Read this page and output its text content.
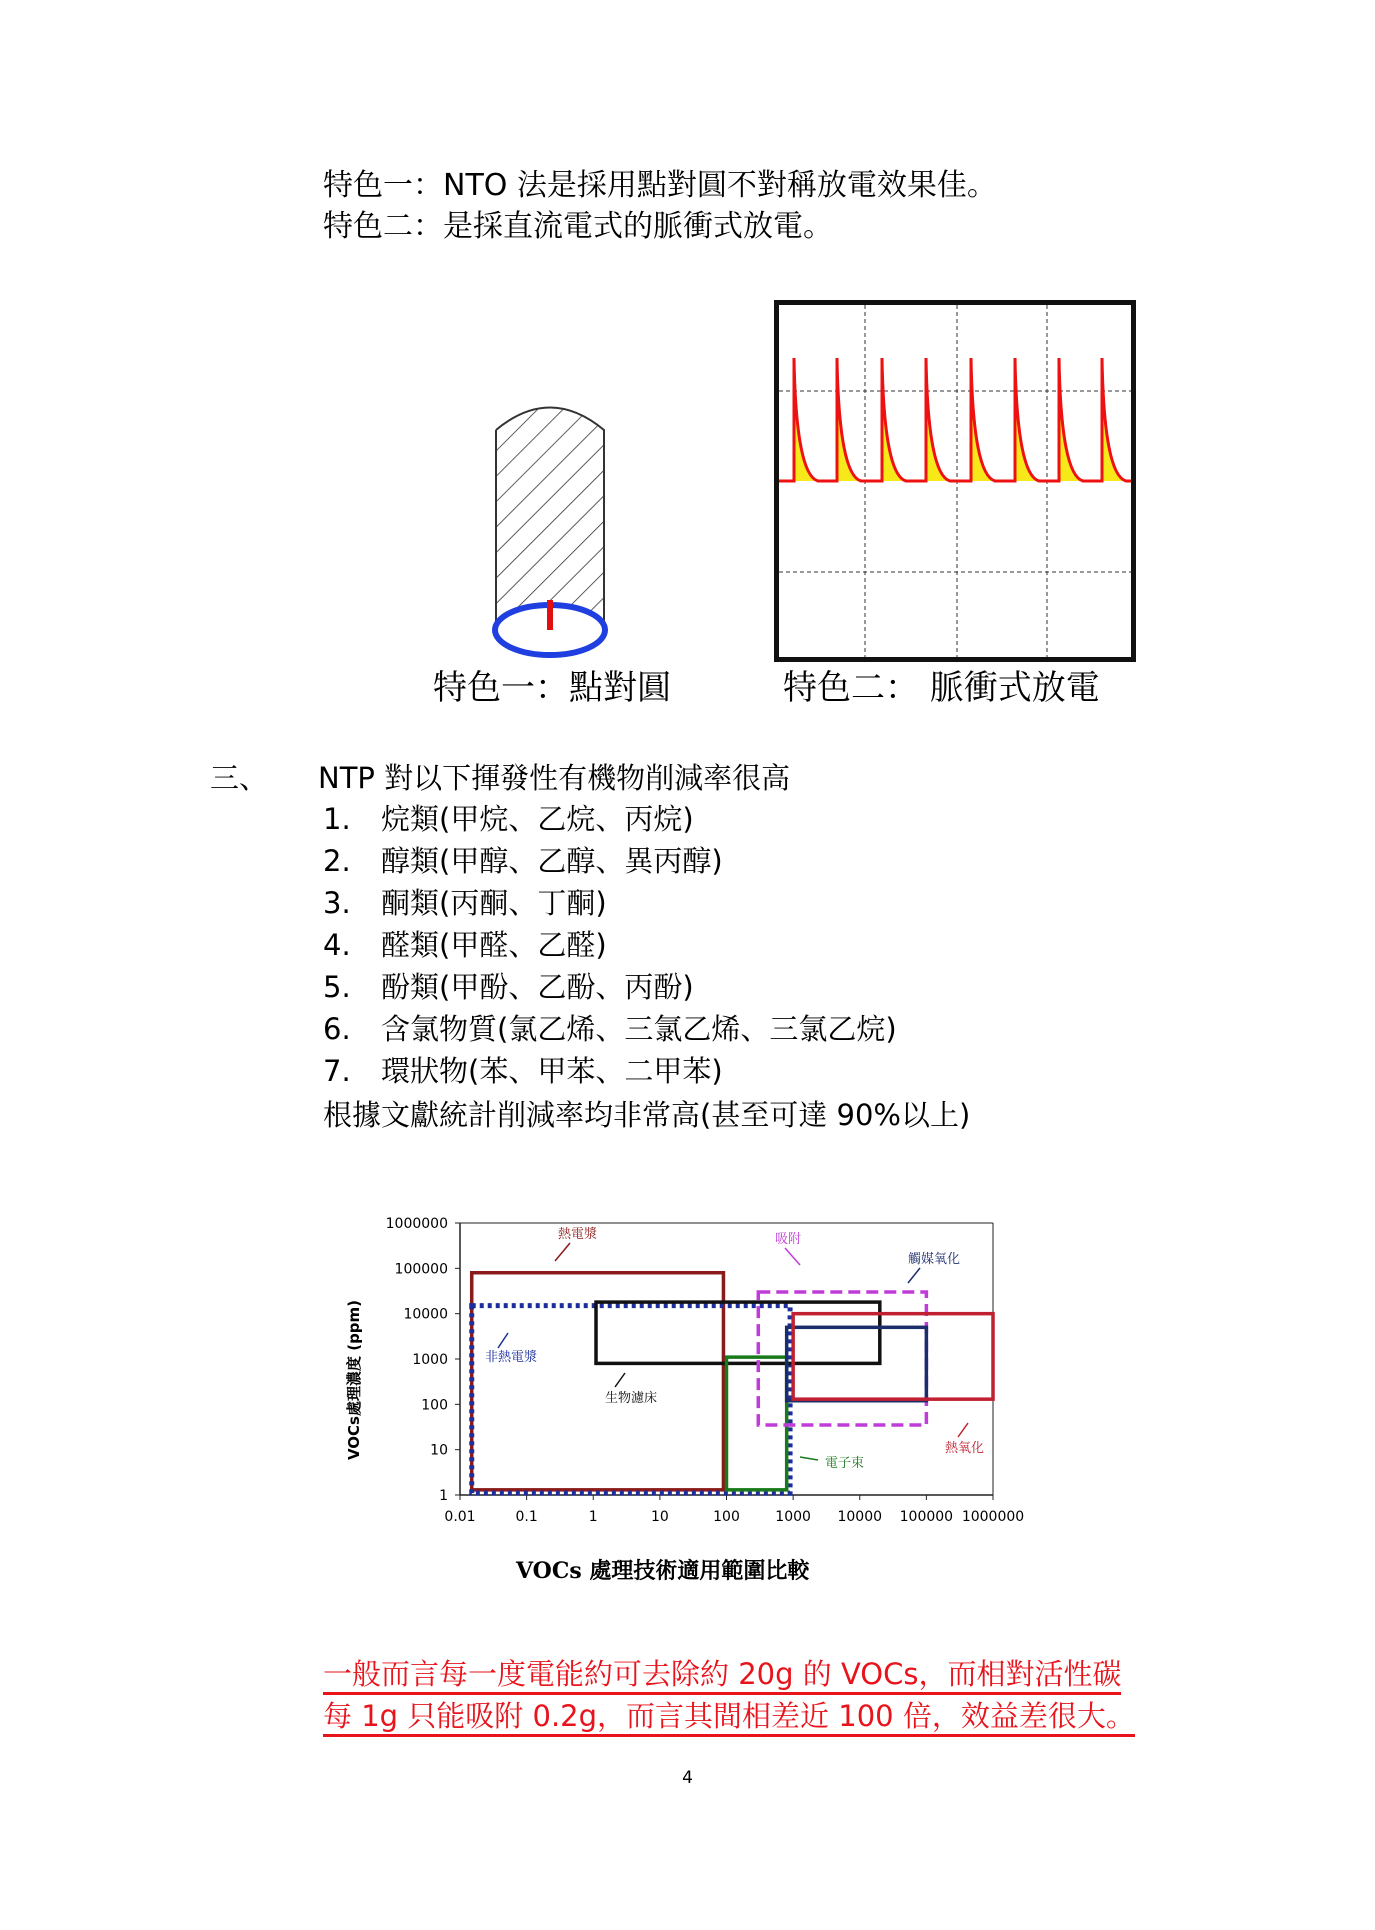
特色一：NTO 法是採用點對圓不對稱放電效果佳。
特色二：是採直流電式的脈衝式放電。
特色一：點對圓	特色二： 脈衝式放電
三、 NTP 對以下揮發性有機物削減率很高
1. 烷類(甲烷、乙烷、丙烷)
2. 醇類(甲醇、乙醇、異丙醇)
3. 酮類(丙酮、丁酮)
4. 醛類(甲醛、乙醛)
5. 酚類(甲酚、乙酚、丙酚)
6. 含氯物質(氯乙烯、三氯乙烯、三氯乙烷)
7. 環狀物(苯、甲苯、二甲苯)
根據文獻統計削減率均非常高(甚至可達 90%以上)
1
10
100
1000
10000
100000
1000000
0.01	0.1	1	10	100	1000 10000 100000 1000000
熱電漿
非熱電漿
生物濾床
電子束
吸附
觸媒氧化
熱氧化
VOCs處理濃度 (ppm)
VOCs 處理技術適用範圍比較
一般而言每一度電能約可去除約 20g 的 VOCs，而相對活性碳
每 1g 只能吸附 0.2g，而言其間相差近 100 倍，效益差很大。
4
